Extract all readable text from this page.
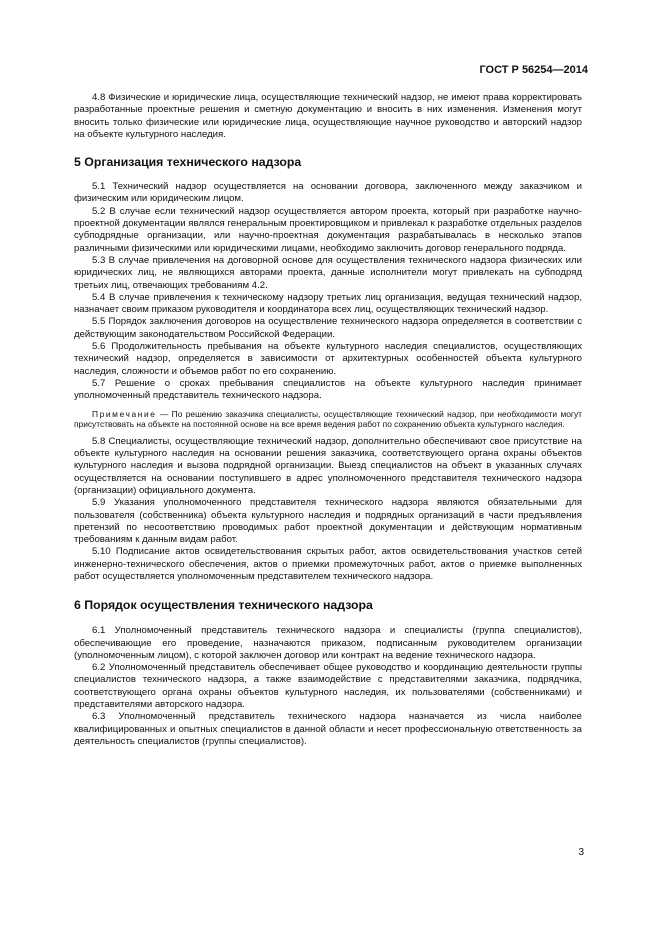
ГОСТ Р 56254—2014

4.8 Физические и юридические лица, осуществляющие технический надзор, не имеют права корректировать разработанные проектные решения и сметную документацию и вносить в них изменения. Изменения могут вносить только физические или юридические лица, осуществляющие научное руководство и авторский надзор на объекте культурного наследия.

5 Организация технического надзора

5.1 Технический надзор осуществляется на основании договора, заключенного между заказчиком и физическим или юридическим лицом.

5.2 В случае если технический надзор осуществляется автором проекта, который при разработке научно-проектной документации являлся генеральным проектировщиком и привлекал к разработке отдельных разделов субподрядные организации, или научно-проектная документация разрабатывалась в несколько этапов различными физическими или юридическими лицами, необходимо заключить договор генерального подряда.

5.3 В случае привлечения на договорной основе для осуществления технического надзора физических или юридических лиц, не являющихся авторами проекта, данные исполнители могут привлекать на субподряд третьих лиц, отвечающих требованиям 4.2.

5.4 В случае привлечения к техническому надзору третьих лиц организация, ведущая технический надзор, назначает своим приказом руководителя и координатора всех лиц, осуществляющих технический надзор.

5.5 Порядок заключения договоров на осуществление технического надзора определяется в соответствии с действующим законодательством Российской Федерации.

5.6 Продолжительность пребывания на объекте культурного наследия специалистов, осуществляющих технический надзор, определяется в зависимости от архитектурных особенностей объекта культурного наследия, сложности и объемов работ по его сохранению.

5.7 Решение о сроках пребывания специалистов на объекте культурного наследия принимает уполномоченный представитель технического надзора.

Примечание — По решению заказчика специалисты, осуществляющие технический надзор, при необходимости могут присутствовать на объекте на постоянной основе на все время ведения работ по сохранению объекта культурного наследия.

5.8 Специалисты, осуществляющие технический надзор, дополнительно обеспечивают свое присутствие на объекте культурного наследия на основании решения заказчика, соответствующего органа охраны объектов культурного наследия и вызова подрядной организации. Выезд специалистов на объект в указанных случаях осуществляется на основании поступившего в адрес уполномоченного представителя технического надзора (организации) официального документа.

5.9 Указания уполномоченного представителя технического надзора являются обязательными для пользователя (собственника) объекта культурного наследия и подрядных организаций в части предъявления претензий по несоответствию проводимых работ проектной документации и действующим нормативным требованиям к данным видам работ.

5.10 Подписание актов освидетельствования скрытых работ, актов освидетельствования участков сетей инженерно-технического обеспечения, актов о приемки промежуточных работ, актов о приемке выполненных работ осуществляется уполномоченным представителем технического надзора.

6 Порядок осуществления технического надзора

6.1 Уполномоченный представитель технического надзора и специалисты (группа специалистов), обеспечивающие его проведение, назначаются приказом, подписанным руководителем организации (уполномоченным лицом), с которой заключен договор или контракт на ведение технического надзора.

6.2 Уполномоченный представитель обеспечивает общее руководство и координацию деятельности группы специалистов технического надзора, а также взаимодействие с представителями заказчика, подрядчика, соответствующего органа охраны объектов культурного наследия, их пользователями (собственниками) и представителями авторского надзора.

6.3 Уполномоченный представитель технического надзора назначается из числа наиболее квалифицированных и опытных специалистов в данной области и несет профессиональную ответственность за деятельность специалистов (группы специалистов).

3
